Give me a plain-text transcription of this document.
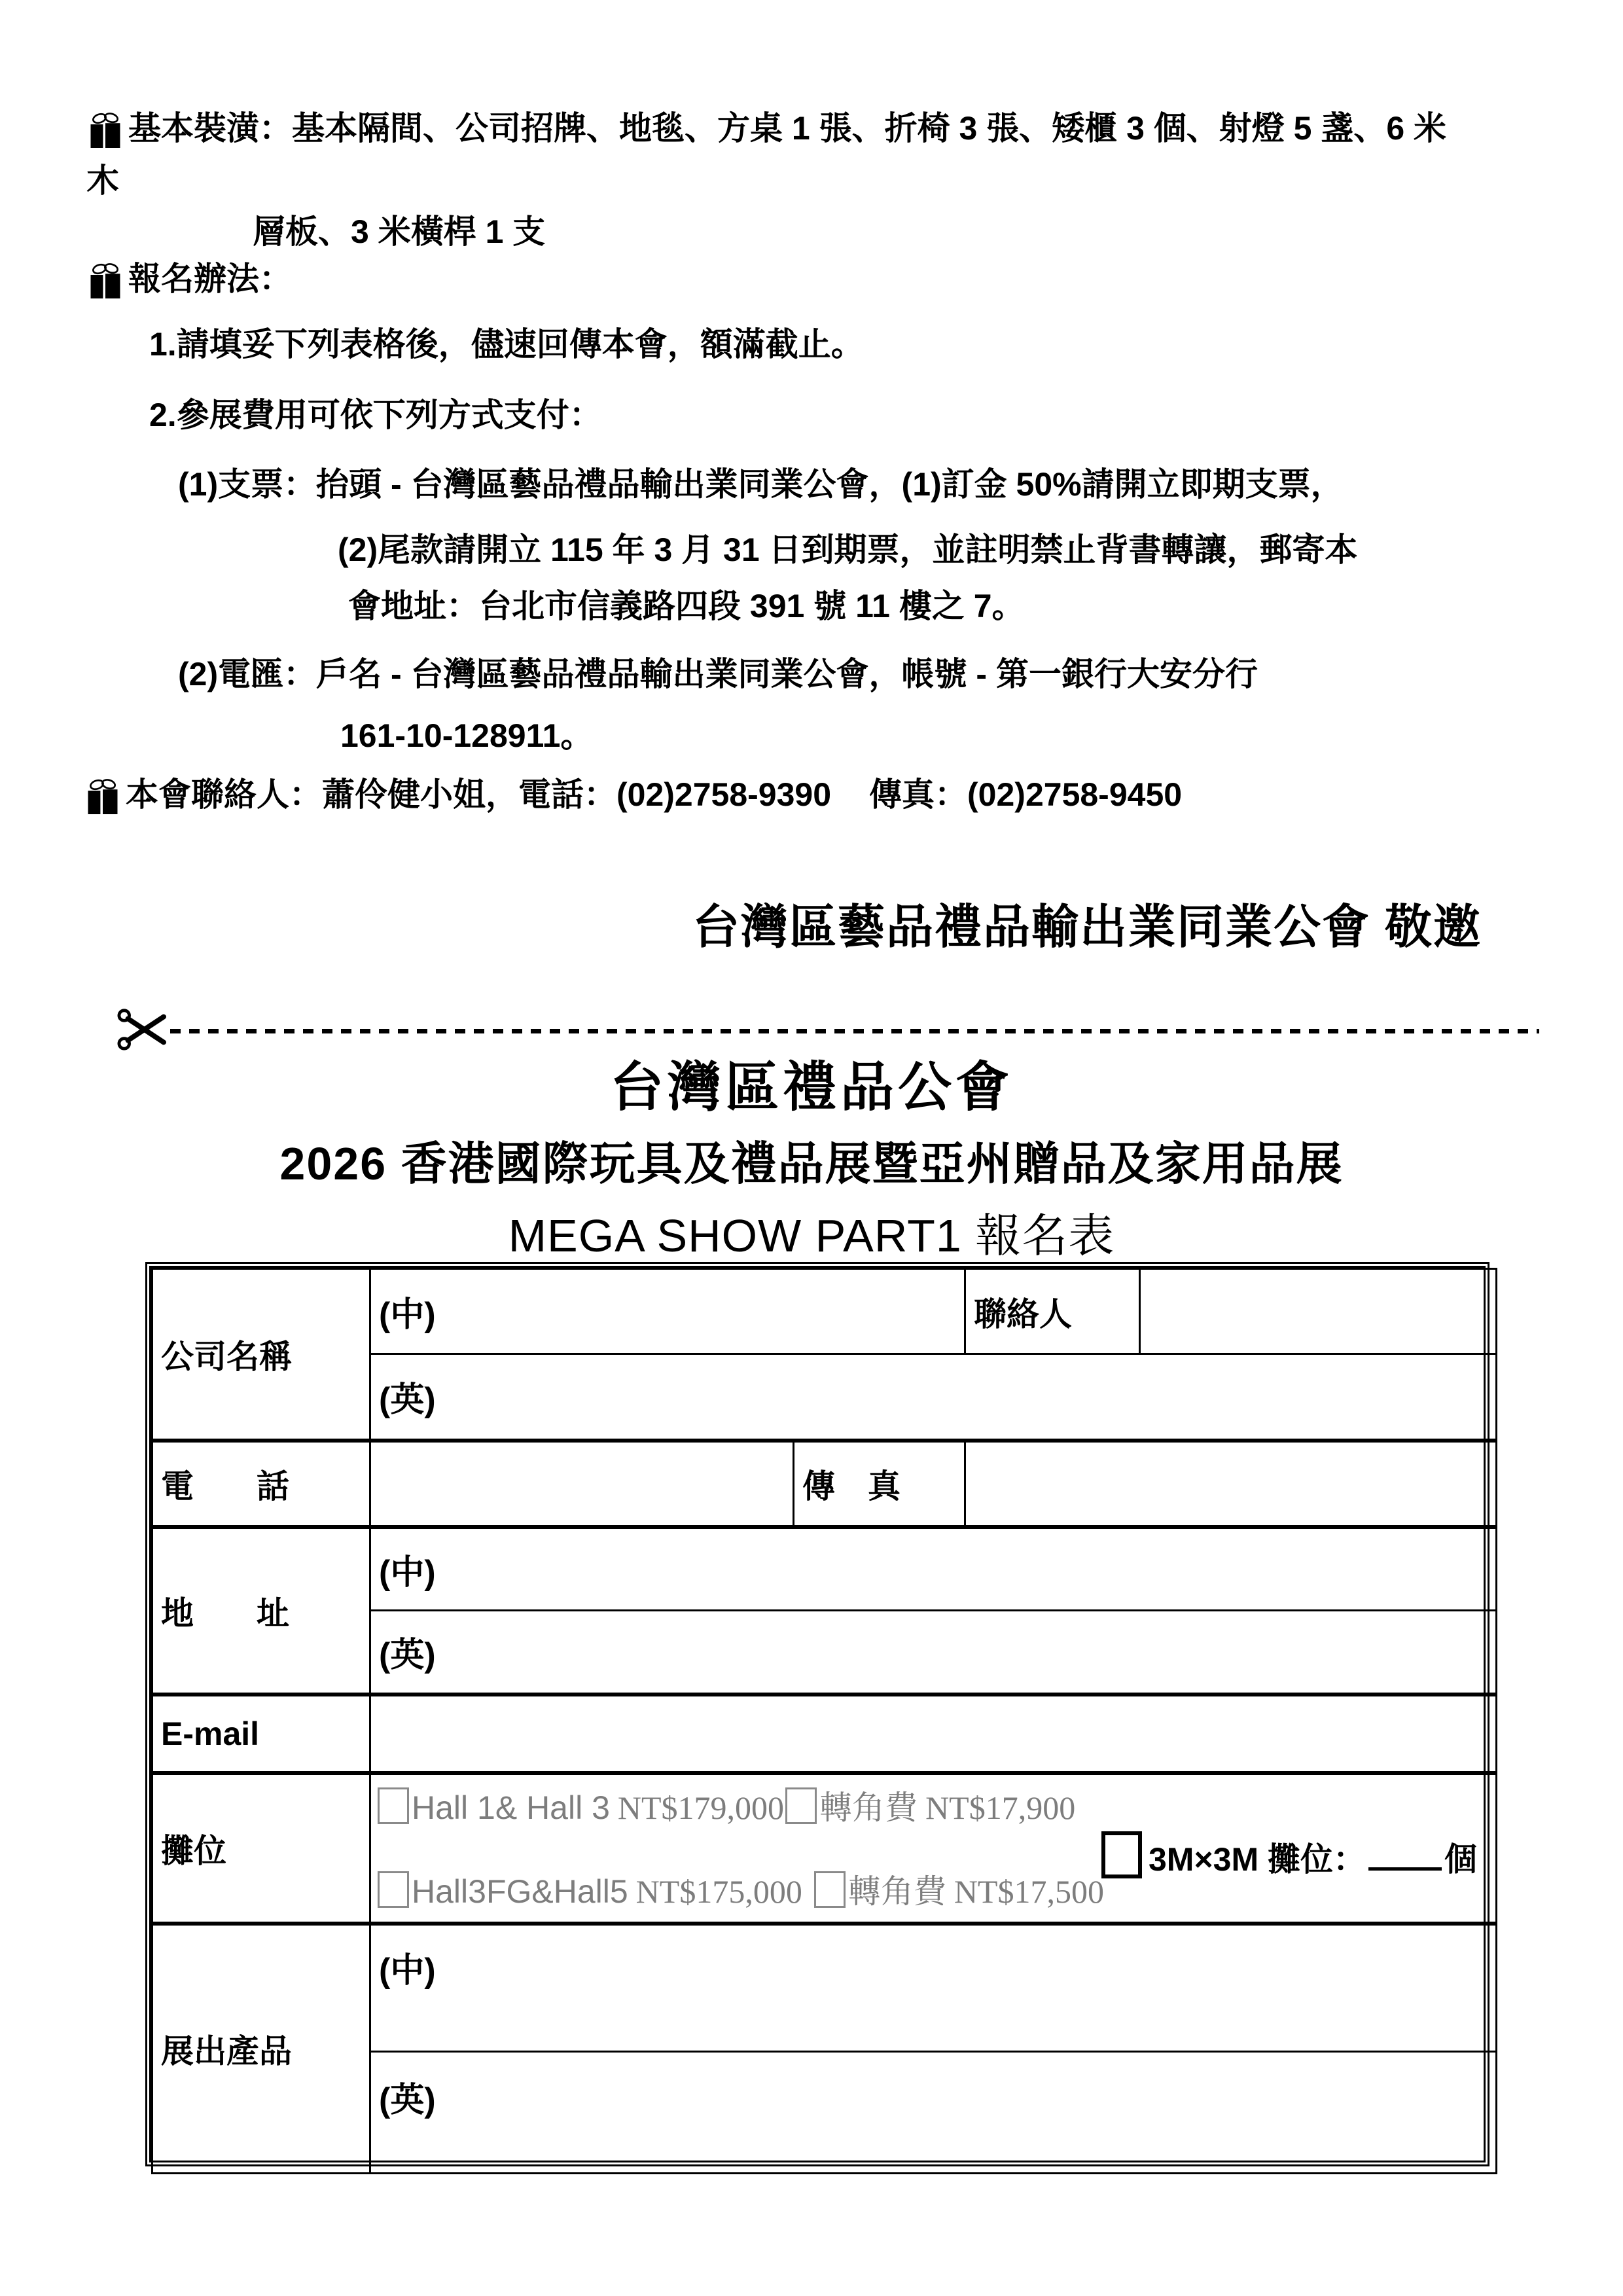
基本裝潢：基本隔間、公司招牌、地毯、方桌 1 張、折椅 3 張、矮櫃 3 個、射燈 5 盞、6 米
木
層板、3 米橫桿 1 支
報名辦法：
1.請填妥下列表格後，儘速回傳本會，額滿截止。
2.參展費用可依下列方式支付：
(1)支票：抬頭 - 台灣區藝品禮品輸出業同業公會，(1)訂金 50%請開立即期支票，
(2)尾款請開立 115 年 3 月 31 日到期票，並註明禁止背書轉讓，郵寄本
會地址：台北市信義路四段 391 號 11 樓之 7。
(2)電匯：戶名 - 台灣區藝品禮品輸出業同業公會，帳號 - 第一銀行大安分行
161-10-128911。
本會聯絡人：蕭伶健小姐，電話：(02)2758-9390 傳真：(02)2758-9450
台灣區藝品禮品輸出業同業公會 敬邀
台灣區禮品公會
2026 香港國際玩具及禮品展暨亞州贈品及家用品展
MEGA SHOW PART1 報名表
公司名稱	(中)		聯絡人	
	(英)			

電 話		傳 真		

地 址	(中)			
	(英)			
E-mail				
攤位	Hall 1& Hall 3 NT$179,000 轉角費 NT$17,900
3M×3M 攤位： 個
Hall3FG&Hall5 NT$175,000 轉角費 NT$17,500			

展出產品	(中)			
	(英)			
